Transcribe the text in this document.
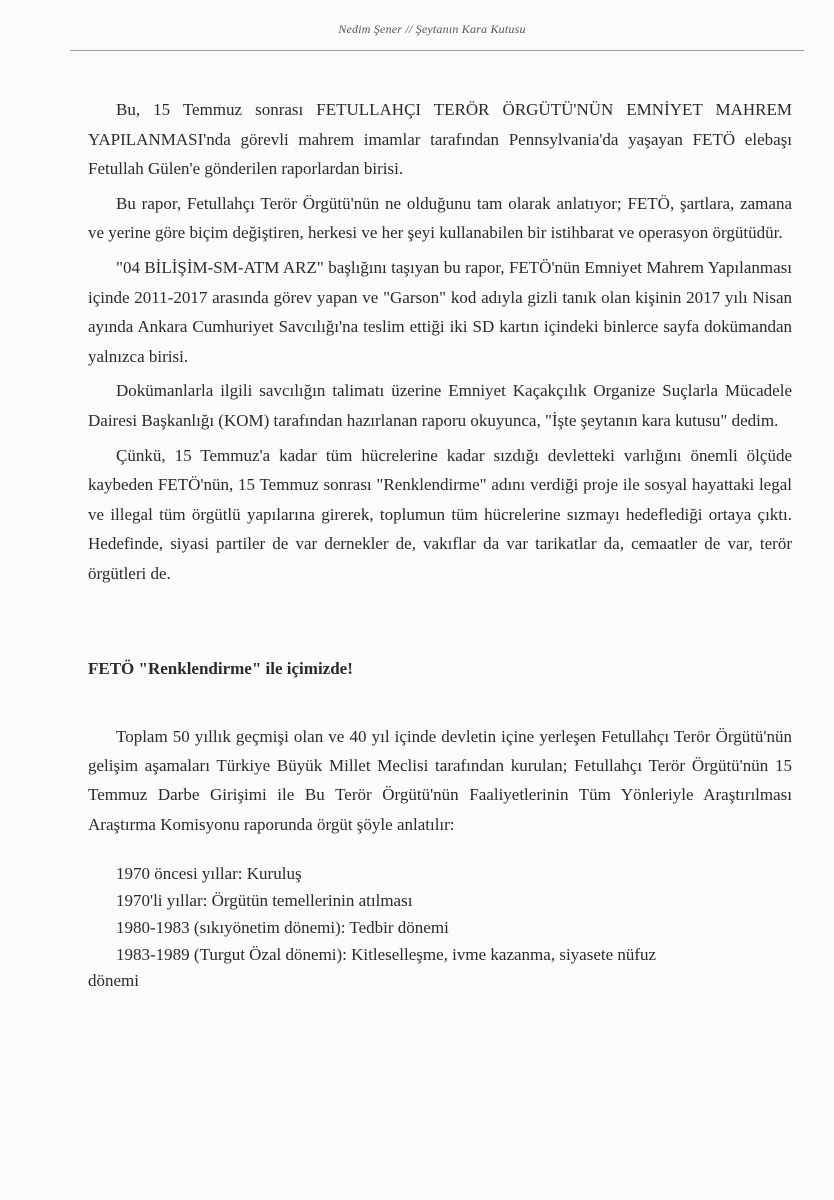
Nedim Şener // Şeytanın Kara Kutusu

Bu, 15 Temmuz sonrası FETULLAHÇI TERÖR ÖRGÜTÜ'NÜN EMNİYET MAHREM YAPILANMASI'nda görevli mahrem imamlar tarafından Pennsylvania'da yaşayan FETÖ elebaşı Fetullah Gülen'e gönderilen raporlardan birisi.

Bu rapor, Fetullahçı Terör Örgütü'nün ne olduğunu tam olarak anlatıyor; FETÖ, şartlara, zamana ve yerine göre biçim değiştiren, herkesi ve her şeyi kullanabilen bir istihbarat ve operasyon örgütüdür.

"04 BİLİŞİM-SM-ATM ARZ" başlığını taşıyan bu rapor, FETÖ'nün Emniyet Mahrem Yapılanması içinde 2011-2017 arasında görev yapan ve "Garson" kod adıyla gizli tanık olan kişinin 2017 yılı Nisan ayında Ankara Cumhuriyet Savcılığı'na teslim ettiği iki SD kartın içindeki binlerce sayfa dokümandan yalnızca birisi.

Dokümanlarla ilgili savcılığın talimatı üzerine Emniyet Kaçakçılık Organize Suçlarla Mücadele Dairesi Başkanlığı (KOM) tarafından hazırlanan raporu okuyunca, "İşte şeytanın kara kutusu" dedim.

Çünkü, 15 Temmuz'a kadar tüm hücrelerine kadar sızdığı devletteki varlığını önemli ölçüde kaybeden FETÖ'nün, 15 Temmuz sonrası "Renklendirme" adını verdiği proje ile sosyal hayattaki legal ve illegal tüm örgütlü yapılarına girerek, toplumun tüm hücrelerine sızmayı hedeflediği ortaya çıktı. Hedefinde, siyasi partiler de var dernekler de, vakıflar da var tarikatlar da, cemaatler de var, terör örgütleri de.

FETÖ "Renklendirme" ile içimizde!

Toplam 50 yıllık geçmişi olan ve 40 yıl içinde devletin içine yerleşen Fetullahçı Terör Örgütü'nün gelişim aşamaları Türkiye Büyük Millet Meclisi tarafından kurulan; Fetullahçı Terör Örgütü'nün 15 Temmuz Darbe Girişimi ile Bu Terör Örgütü'nün Faaliyetlerinin Tüm Yönleriyle Araştırılması Araştırma Komisyonu raporunda örgüt şöyle anlatılır:

1970 öncesi yıllar: Kuruluş
1970'li yıllar: Örgütün temellerinin atılması
1980-1983 (sıkıyönetim dönemi): Tedbir dönemi
1983-1989 (Turgut Özal dönemi): Kitleselleşme, ivme kazanma, siyasete nüfuz
dönemi
